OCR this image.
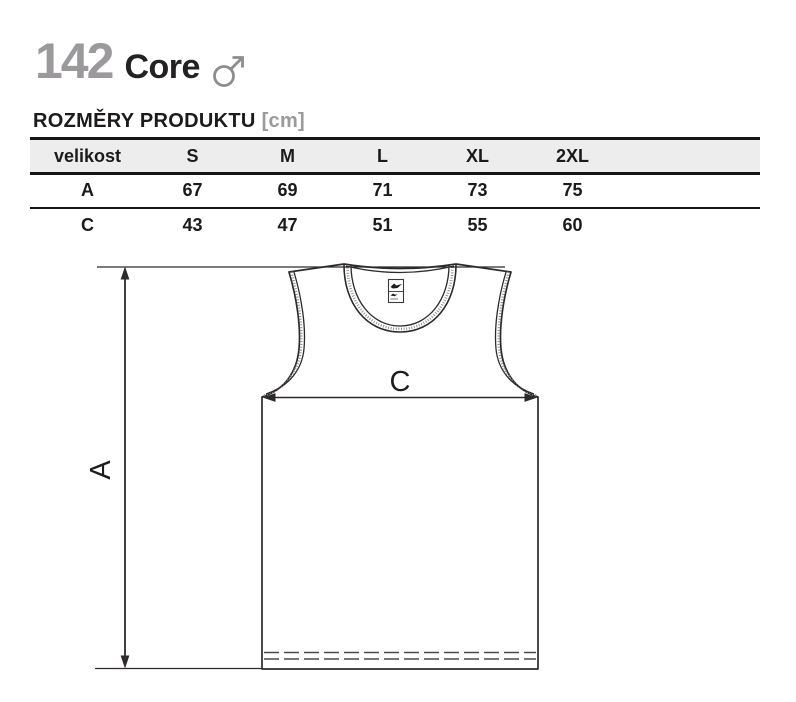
142 Core
ROZMĚRY PRODUKTU [cm]
velikost	S	M	L	XL	2XL	
A	67	69	71	73	75	
C	43	47	51	55	60	
A
C
